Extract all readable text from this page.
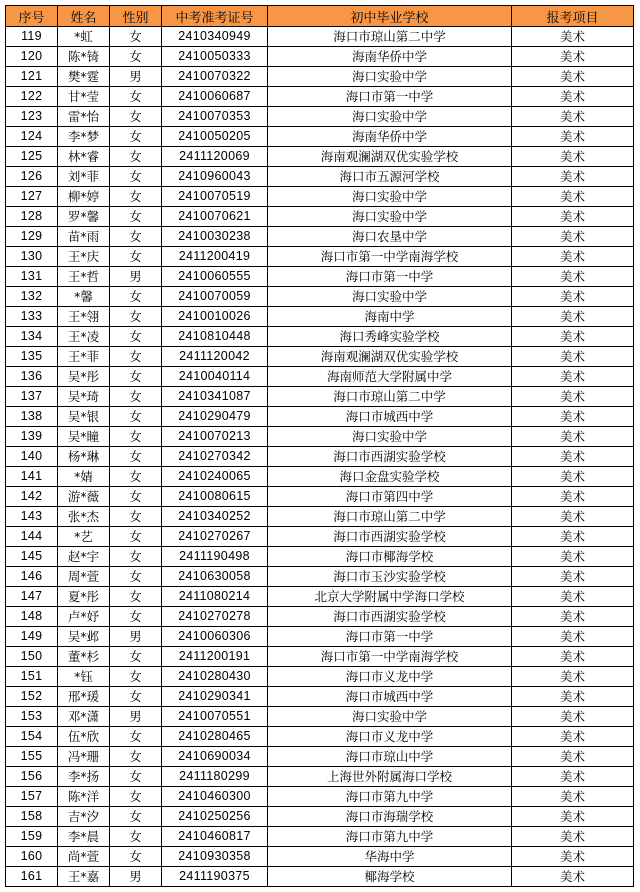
序号	姓名	性别	中考准考证号	初中毕业学校	报考项目
119	*虹	女	2410340949	海口市琼山第二中学	美术
120	陈*锜	女	2410050333	海南华侨中学	美术
121	樊*霆	男	2410070322	海口实验中学	美术
122	甘*莹	女	2410060687	海口市第一中学	美术
123	雷*怡	女	2410070353	海口实验中学	美术
124	李*梦	女	2410050205	海南华侨中学	美术
125	林*睿	女	2411120069	海南观澜湖双优实验学校	美术
126	刘*菲	女	2410960043	海口市五源河学校	美术
127	柳*婷	女	2410070519	海口实验中学	美术
128	罗*馨	女	2410070621	海口实验中学	美术
129	苗*雨	女	2410030238	海口农垦中学	美术
130	王*庆	女	2411200419	海口市第一中学南海学校	美术
131	王*哲	男	2410060555	海口市第一中学	美术
132	*馨	女	2410070059	海口实验中学	美术
133	王*翎	女	2410010026	海南中学	美术
134	王*凌	女	2410810448	海口秀峰实验学校	美术
135	王*菲	女	2411120042	海南观澜湖双优实验学校	美术
136	吴*彤	女	2410040114	海南师范大学附属中学	美术
137	吴*琦	女	2410341087	海口市琼山第二中学	美术
138	吴*银	女	2410290479	海口市城西中学	美术
139	吴*瞳	女	2410070213	海口实验中学	美术
140	杨*琳	女	2410270342	海口市西湖实验学校	美术
141	*婧	女	2410240065	海口金盘实验学校	美术
142	游*薇	女	2410080615	海口市第四中学	美术
143	张*杰	女	2410340252	海口市琼山第二中学	美术
144	*艺	女	2410270267	海口市西湖实验学校	美术
145	赵*宇	女	2411190498	海口市椰海学校	美术
146	周*萱	女	2410630058	海口市玉沙实验学校	美术
147	夏*彤	女	2411080214	北京大学附属中学海口学校	美术
148	卢*妤	女	2410270278	海口市西湖实验学校	美术
149	吴*邺	男	2410060306	海口市第一中学	美术
150	董*杉	女	2411200191	海口市第一中学南海学校	美术
151	*钰	女	2410280430	海口市义龙中学	美术
152	邢*瑗	女	2410290341	海口市城西中学	美术
153	邓*潇	男	2410070551	海口实验中学	美术
154	伍*欣	女	2410280465	海口市义龙中学	美术
155	冯*珊	女	2410690034	海口市琼山中学	美术
156	李*扬	女	2411180299	上海世外附属海口学校	美术
157	陈*洋	女	2410460300	海口市第九中学	美术
158	吉*汐	女	2410250256	海口市海瑞学校	美术
159	李*晨	女	2410460817	海口市第九中学	美术
160	尚*萱	女	2410930358	华海中学	美术
161	王*嘉	男	2411190375	椰海学校	美术
